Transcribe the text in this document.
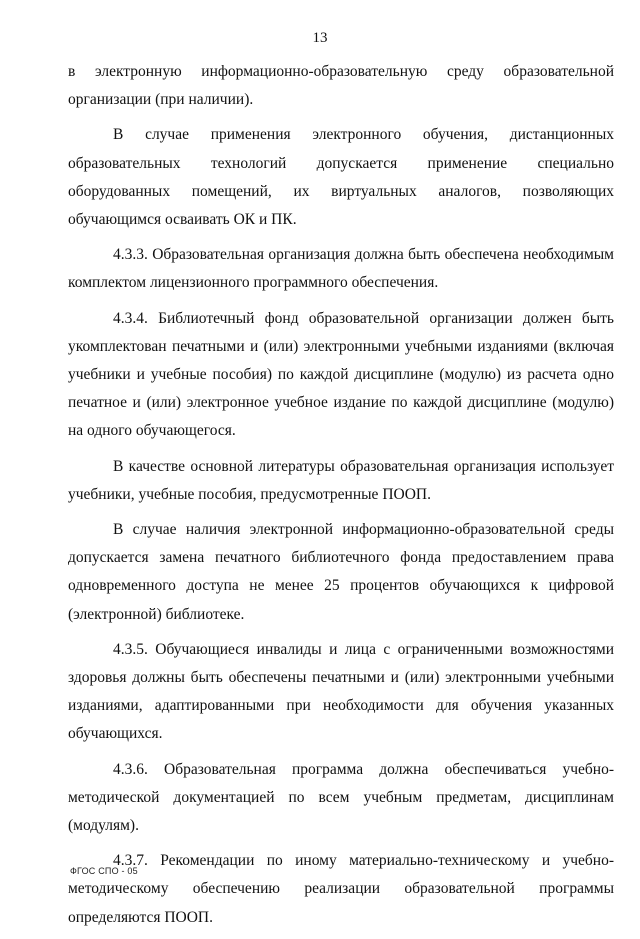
13

в электронную информационно-образовательную среду образовательной организации (при наличии).

В случае применения электронного обучения, дистанционных образовательных технологий допускается применение специально оборудованных помещений, их виртуальных аналогов, позволяющих обучающимся осваивать ОК и ПК.

4.3.3. Образовательная организация должна быть обеспечена необходимым комплектом лицензионного программного обеспечения.

4.3.4. Библиотечный фонд образовательной организации должен быть укомплектован печатными и (или) электронными учебными изданиями (включая учебники и учебные пособия) по каждой дисциплине (модулю) из расчета одно печатное и (или) электронное учебное издание по каждой дисциплине (модулю) на одного обучающегося.

В качестве основной литературы образовательная организация использует учебники, учебные пособия, предусмотренные ПООП.

В случае наличия электронной информационно-образовательной среды допускается замена печатного библиотечного фонда предоставлением права одновременного доступа не менее 25 процентов обучающихся к цифровой (электронной) библиотеке.

4.3.5. Обучающиеся инвалиды и лица с ограниченными возможностями здоровья должны быть обеспечены печатными и (или) электронными учебными изданиями, адаптированными при необходимости для обучения указанных обучающихся.

4.3.6. Образовательная программа должна обеспечиваться учебно-методической документацией по всем учебным предметам, дисциплинам (модулям).

4.3.7. Рекомендации по иному материально-техническому и учебно-методическому обеспечению реализации образовательной программы определяются ПООП.

ФГОС СПО - 05
